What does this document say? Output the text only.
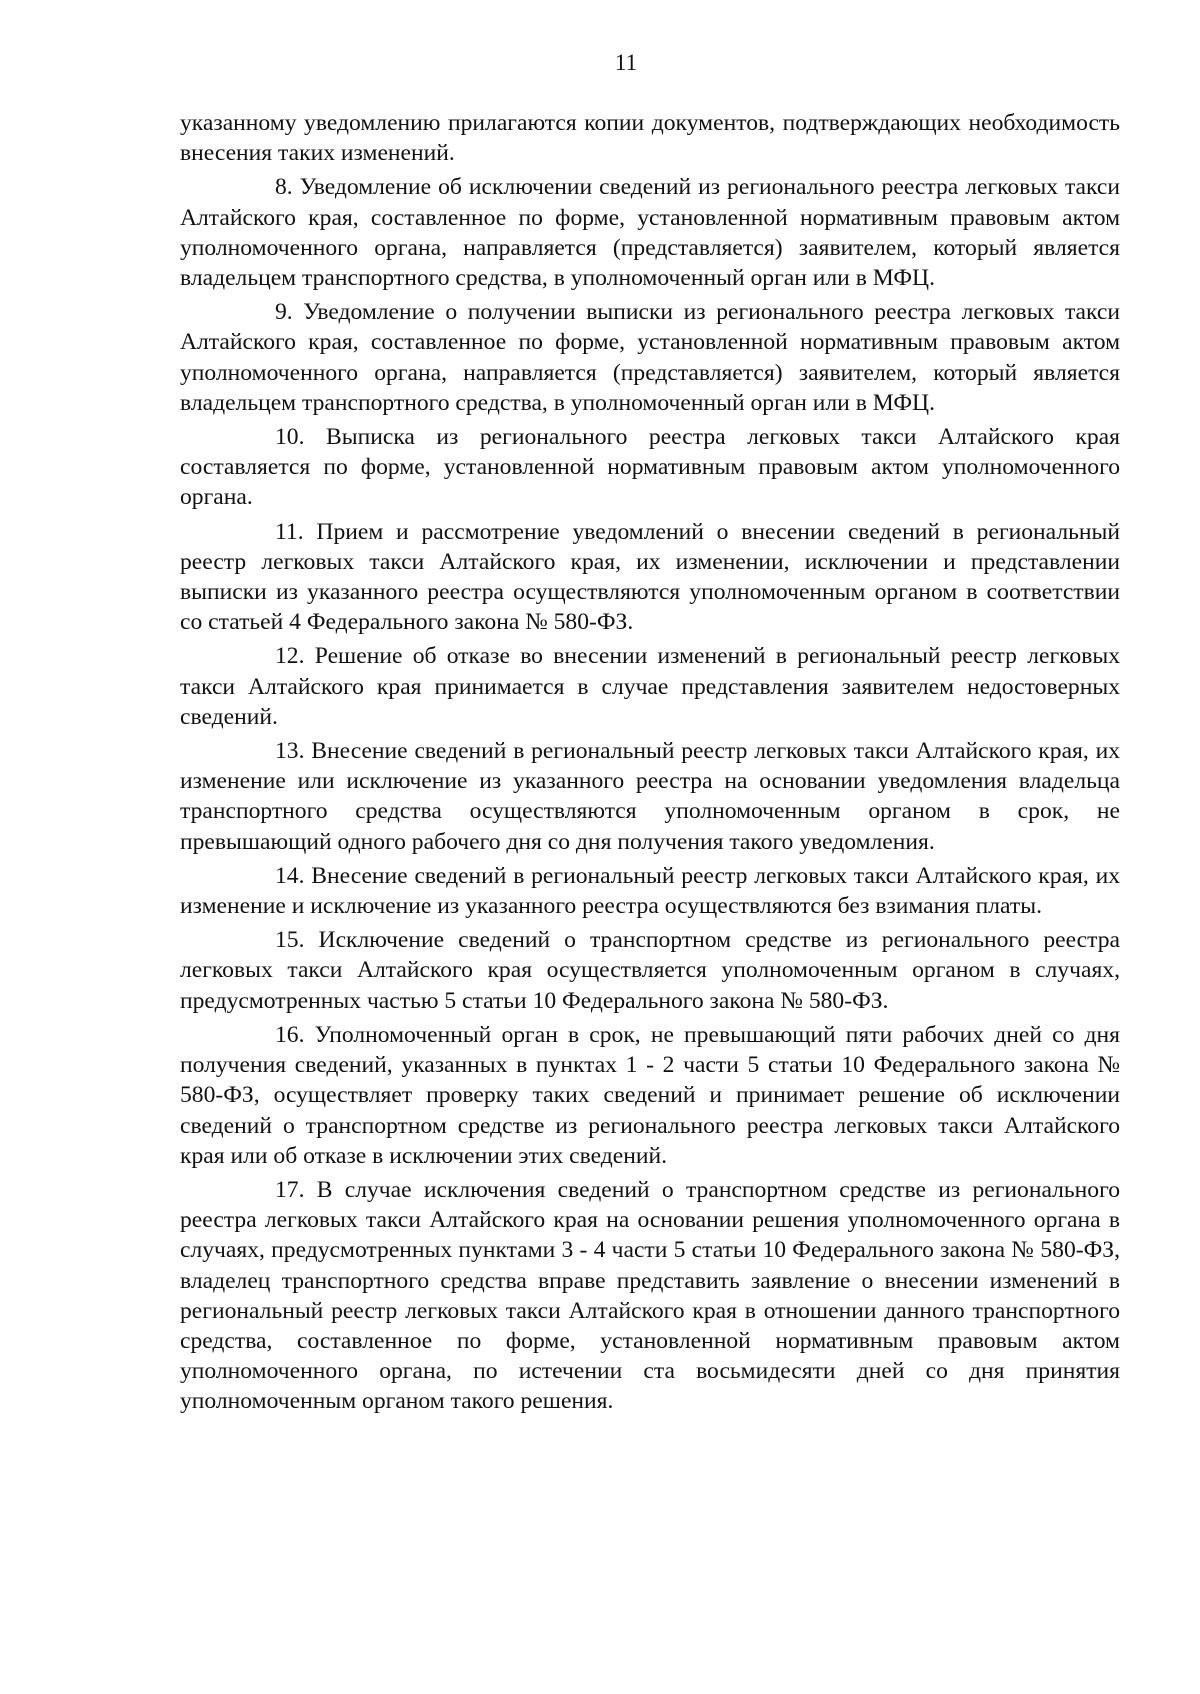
11

указанному уведомлению прилагаются копии документов, подтверждающих необходимость внесения таких изменений.

8. Уведомление об исключении сведений из регионального реестра легковых такси Алтайского края, составленное по форме, установленной нормативным правовым актом уполномоченного органа, направляется (представляется) заявителем, который является владельцем транспортного средства, в уполномоченный орган или в МФЦ.

9. Уведомление о получении выписки из регионального реестра легковых такси Алтайского края, составленное по форме, установленной нормативным правовым актом уполномоченного органа, направляется (представляется) заявителем, который является владельцем транспортного средства, в уполномоченный орган или в МФЦ.

10. Выписка из регионального реестра легковых такси Алтайского края составляется по форме, установленной нормативным правовым актом уполномоченного органа.

11. Прием и рассмотрение уведомлений о внесении сведений в региональный реестр легковых такси Алтайского края, их изменении, исключении и представлении выписки из указанного реестра осуществляются уполномоченным органом в соответствии со статьей 4 Федерального закона № 580-ФЗ.

12. Решение об отказе во внесении изменений в региональный реестр легковых такси Алтайского края принимается в случае представления заявителем недостоверных сведений.

13. Внесение сведений в региональный реестр легковых такси Алтайского края, их изменение или исключение из указанного реестра на основании уведомления владельца транспортного средства осуществляются уполномоченным органом в срок, не превышающий одного рабочего дня со дня получения такого уведомления.

14. Внесение сведений в региональный реестр легковых такси Алтайского края, их изменение и исключение из указанного реестра осуществляются без взимания платы.

15. Исключение сведений о транспортном средстве из регионального реестра легковых такси Алтайского края осуществляется уполномоченным органом в случаях, предусмотренных частью 5 статьи 10 Федерального закона № 580-ФЗ.

16. Уполномоченный орган в срок, не превышающий пяти рабочих дней со дня получения сведений, указанных в пунктах 1 - 2 части 5 статьи 10 Федерального закона № 580-ФЗ, осуществляет проверку таких сведений и принимает решение об исключении сведений о транспортном средстве из регионального реестра легковых такси Алтайского края или об отказе в исключении этих сведений.

17. В случае исключения сведений о транспортном средстве из регионального реестра легковых такси Алтайского края на основании решения уполномоченного органа в случаях, предусмотренных пунктами 3 - 4 части 5 статьи 10 Федерального закона № 580-ФЗ, владелец транспортного средства вправе представить заявление о внесении изменений в региональный реестр легковых такси Алтайского края в отношении данного транспортного средства, составленное по форме, установленной нормативным правовым актом уполномоченного органа, по истечении ста восьмидесяти дней со дня принятия уполномоченным органом такого решения.
